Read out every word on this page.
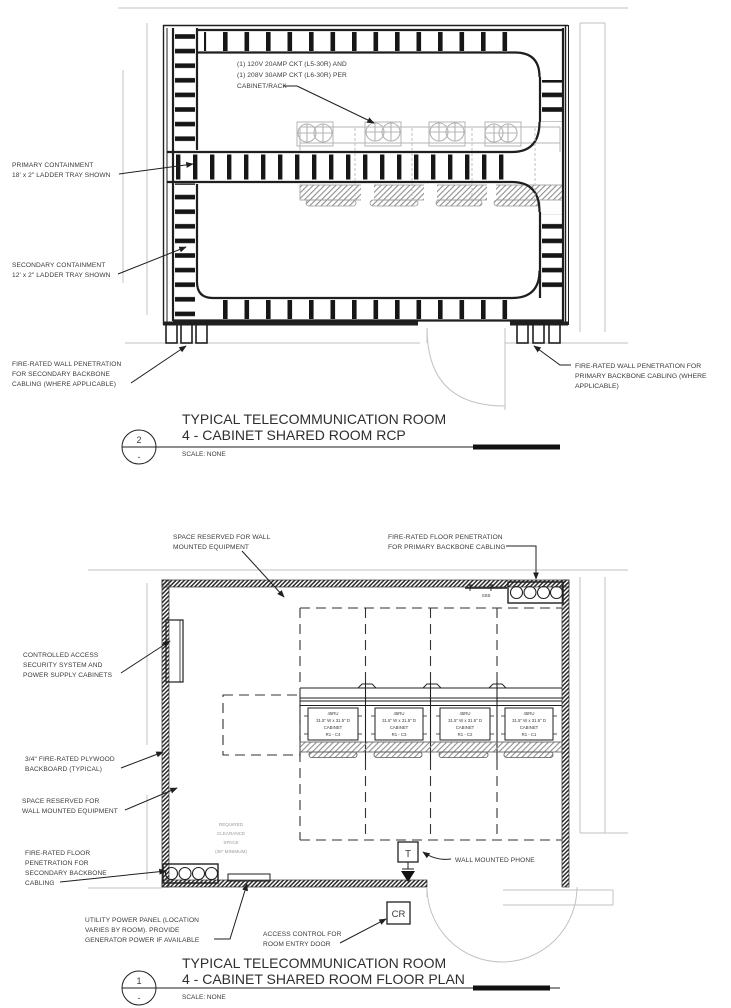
(1) 120V 20AMP CKT (L5-30R) AND
(1) 208V 30AMP CKT (L6-30R) PER
CABINET/RACK
PRIMARY CONTAINMENT
18' x 2" LADDER TRAY SHOWN
SECONDARY CONTAINMENT
12' x 2" LADDER TRAY SHOWN
FIRE-RATED WALL PENETRATION
FOR SECONDARY BACKBONE
CABLING (WHERE APPLICABLE)
FIRE-RATED WALL PENETRATION FOR
PRIMARY BACKBONE CABLING (WHERE
APPLICABLE)
2
-
TYPICAL TELECOMMUNICATION ROOM
4 - CABINET SHARED ROOM RCP
SCALE: NONE
45RU
31.5" W x 31.5" D
CABINET
R1 - C4
45RU
31.5" W x 31.5" D
CABINET
R1 - C3
45RU
31.5" W x 31.5" D
CABINET
R1 - C2
45RU
31.5" W x 31.5" D
CABINET
R1 - C1
SBB
T
CR
REQUIRED
CLEARANCE
SPACE
(36" MINIMUM)
SPACE RESERVED FOR WALL
MOUNTED EQUIPMENT
FIRE-RATED FLOOR PENETRATION
FOR PRIMARY BACKBONE CABLING
CONTROLLED ACCESS
SECURITY SYSTEM AND
POWER SUPPLY CABINETS
3/4" FIRE-RATED PLYWOOD
BACKBOARD (TYPICAL)
SPACE RESERVED FOR
WALL MOUNTED EQUIPMENT
FIRE-RATED FLOOR
PENETRATION FOR
SECONDARY BACKBONE
CABLING
UTILITY POWER PANEL (LOCATION
VARIES BY ROOM). PROVIDE
GENERATOR POWER IF AVAILABLE
WALL MOUNTED PHONE
ACCESS CONTROL FOR
ROOM ENTRY DOOR
1
-
TYPICAL TELECOMMUNICATION ROOM
4 - CABINET SHARED ROOM FLOOR PLAN
SCALE: NONE
